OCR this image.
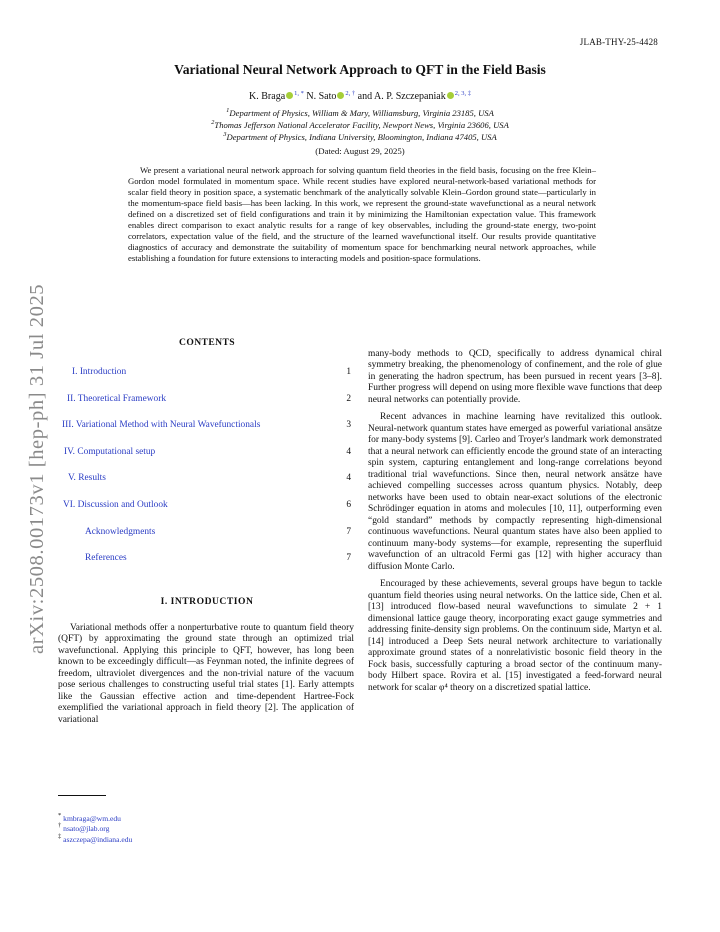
JLAB-THY-25-4428
Variational Neural Network Approach to QFT in the Field Basis
K. Braga $^{1, *}$ N. Sato $^{2, \dagger}$ and A. P. Szczepaniak $^{2, 3, \ddagger}$
$^1$Department of Physics, William & Mary, Williamsburg, Virginia 23185, USA
$^2$Thomas Jefferson National Accelerator Facility, Newport News, Virginia 23606, USA
$^3$Department of Physics, Indiana University, Bloomington, Indiana 47405, USA
(Dated: August 29, 2025)
We present a variational neural network approach for solving quantum field theories in the field basis, focusing on the free Klein–Gordon model formulated in momentum space. While recent studies have explored neural-network-based variational methods for scalar field theory in position space, a systematic benchmark of the analytically solvable Klein–Gordon ground state—particularly in the momentum-space field basis—has been lacking. In this work, we represent the ground-state wavefunctional as a neural network defined on a discretized set of field configurations and train it by minimizing the Hamiltonian expectation value. This framework enables direct comparison to exact analytic results for a range of key observables, including the ground-state energy, two-point correlators, expectation value of the field, and the structure of the learned wavefunctional itself. Our results provide quantitative diagnostics of accuracy and demonstrate the suitability of momentum space for benchmarking neural network approaches, while establishing a foundation for future extensions to interacting models and position-space formulations.
arXiv:2508.00173v1 [hep-ph] 31 Jul 2025	CONTENTS
I. Introduction	1
II. Theoretical Framework	2
III. Variational Method with Neural Wavefunctionals	3
IV. Computational setup	4
V. Results	4
VI. Discussion and Outlook	6
Acknowledgments	7
References	7
I. INTRODUCTION

Variational methods offer a nonperturbative route to quantum field theory (QFT) by approximating the ground state through an optimized trial wavefunctional. Applying this principle to QFT, however, has long been known to be exceedingly difficult—as Feynman noted, the infinite degrees of freedom, ultraviolet divergences and the non-trivial nature of the vacuum pose serious challenges to constructing useful trial states [1]. Early attempts like the Gaussian effective action and time-dependent Hartree-Fock exemplified the variational approach in field theory [2]. The application of variational

many-body methods to QCD, specifically to address dynamical chiral symmetry breaking, the phenomenology of confinement, and the role of glue in generating the hadron spectrum, has been pursued in recent years [3–8]. Further progress will depend on using more flexible wave functions that deep neural networks can potentially provide.

Recent advances in machine learning have revitalized this outlook. Neural-network quantum states have emerged as powerful variational ansätze for many-body systems [9]. Carleo and Troyer's landmark work demonstrated that a neural network can efficiently encode the ground state of an interacting spin system, capturing entanglement and long-range correlations beyond traditional trial wavefunctions. Since then, neural network ansätze have achieved compelling successes across quantum physics. Notably, deep networks have been used to obtain near-exact solutions of the electronic Schrödinger equation in atoms and molecules [10, 11], outperforming even “gold standard” methods by compactly representing high-dimensional continuous wavefunctions. Neural quantum states have also been applied to continuum many-body systems—for example, representing the superfluid wavefunction of an ultracold Fermi gas [12] with higher accuracy than diffusion Monte Carlo.

Encouraged by these achievements, several groups have begun to tackle quantum field theories using neural networks. On the lattice side, Chen et al. [13] introduced flow-based neural wavefunctions to simulate 2 + 1 dimensional lattice gauge theory, incorporating exact gauge symmetries and addressing finite-density sign problems. On the continuum side, Martyn et al. [14] introduced a Deep Sets neural network architecture to variationally approximate ground states of a nonrelativistic bosonic field theory in the Fock basis, successfully capturing a broad sector of the continuum many-body Hilbert space. Rovira et al. [15] investigated a feed-forward neural network for scalar φ⁴ theory on a discretized spatial lattice.

* kmbraga@wm.edu
† nsato@jlab.org
‡ aszczepa@indiana.edu
